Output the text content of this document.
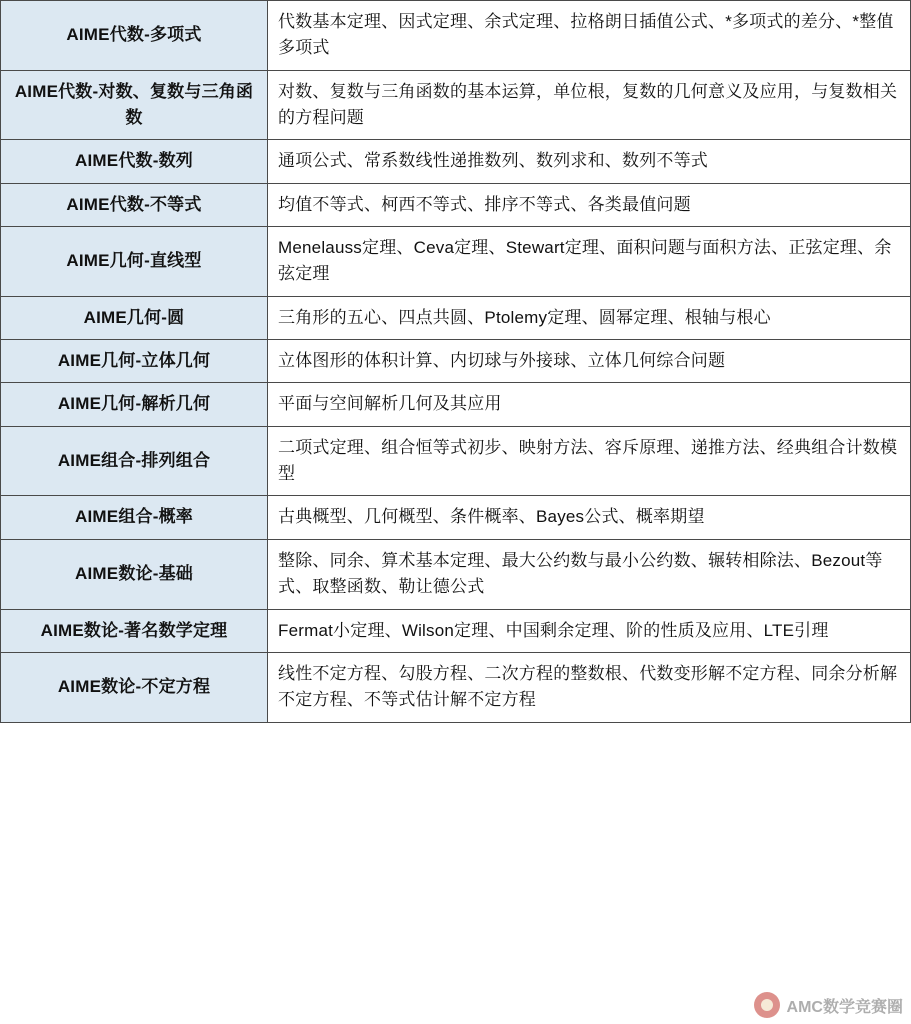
AIME代数-多项式	代数基本定理、因式定理、余式定理、拉格朗日插值公式、*多项式的差分、*整值多项式
AIME代数-对数、复数与三角函数	对数、复数与三角函数的基本运算，单位根，复数的几何意义及应用，与复数相关的方程问题
AIME代数-数列	通项公式、常系数线性递推数列、数列求和、数列不等式
AIME代数-不等式	均值不等式、柯西不等式、排序不等式、各类最值问题
AIME几何-直线型	Menelauss定理、Ceva定理、Stewart定理、面积问题与面积方法、正弦定理、余弦定理
AIME几何-圆	三角形的五心、四点共圆、Ptolemy定理、圆幂定理、根轴与根心
AIME几何-立体几何	立体图形的体积计算、内切球与外接球、立体几何综合问题
AIME几何-解析几何	平面与空间解析几何及其应用
AIME组合-排列组合	二项式定理、组合恒等式初步、映射方法、容斥原理、递推方法、经典组合计数模型
AIME组合-概率	古典概型、几何概型、条件概率、Bayes公式、概率期望
AIME数论-基础	整除、同余、算术基本定理、最大公约数与最小公约数、辗转相除法、Bezout等式、取整函数、勒让德公式
AIME数论-著名数学定理	Fermat小定理、Wilson定理、中国剩余定理、阶的性质及应用、LTE引理
AIME数论-不定方程	线性不定方程、勾股方程、二次方程的整数根、代数变形解不定方程、同余分析解不定方程、不等式估计解不定方程
AMC数学竞赛圈
